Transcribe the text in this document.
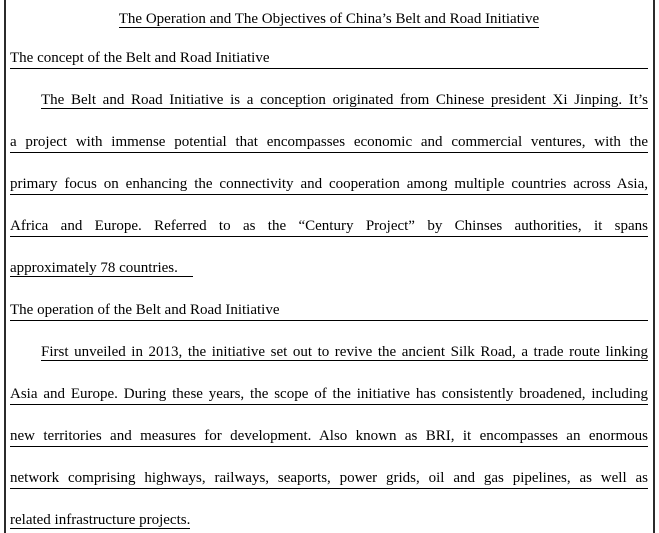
The Operation and The Objectives of China’s Belt and Road Initiative
The concept of the Belt and Road Initiative
The Belt and Road Initiative is a conception originated from Chinese president Xi Jinping. It’s
a project with immense potential that encompasses economic and commercial ventures, with the
primary focus on enhancing the connectivity and cooperation among multiple countries across Asia,
Africa and Europe. Referred to as the “Century Project” by Chinses authorities, it spans
approximately 78 countries.
The operation of the Belt and Road Initiative
First unveiled in 2013, the initiative set out to revive the ancient Silk Road, a trade route linking
Asia and Europe. During these years, the scope of the initiative has consistently broadened, including
new territories and measures for development. Also known as BRI, it encompasses an enormous
network comprising highways, railways, seaports, power grids, oil and gas pipelines, as well as
related infrastructure projects.
